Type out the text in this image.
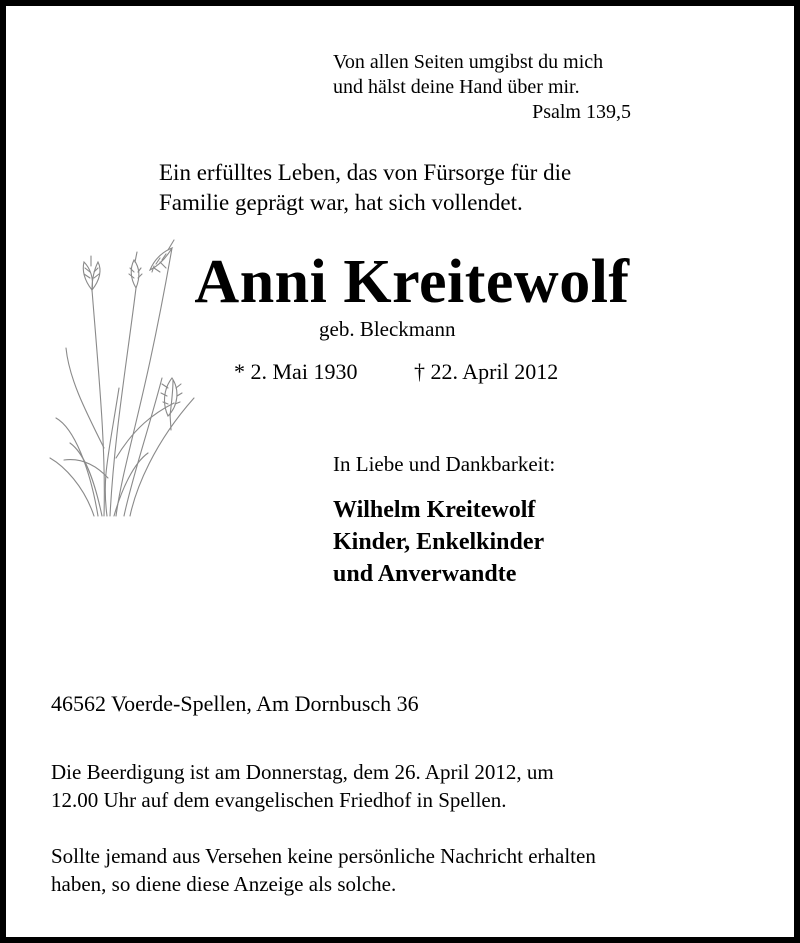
Von allen Seiten umgibst du mich
und hälst deine Hand über mir.
Psalm 139,5

Ein erfülltes Leben, das von Fürsorge für die
Familie geprägt war, hat sich vollendet.

Anni Kreitewolf

geb. Bleckmann

* 2. Mai 1930	† 22. April 2012

In Liebe und Dankbarkeit:

Wilhelm Kreitewolf
Kinder, Enkelkinder
und Anverwandte

46562 Voerde-Spellen, Am Dornbusch 36

Die Beerdigung ist am Donnerstag, dem 26. April 2012, um
12.00 Uhr auf dem evangelischen Friedhof in Spellen.

Sollte jemand aus Versehen keine persönliche Nachricht erhalten
haben, so diene diese Anzeige als solche.
